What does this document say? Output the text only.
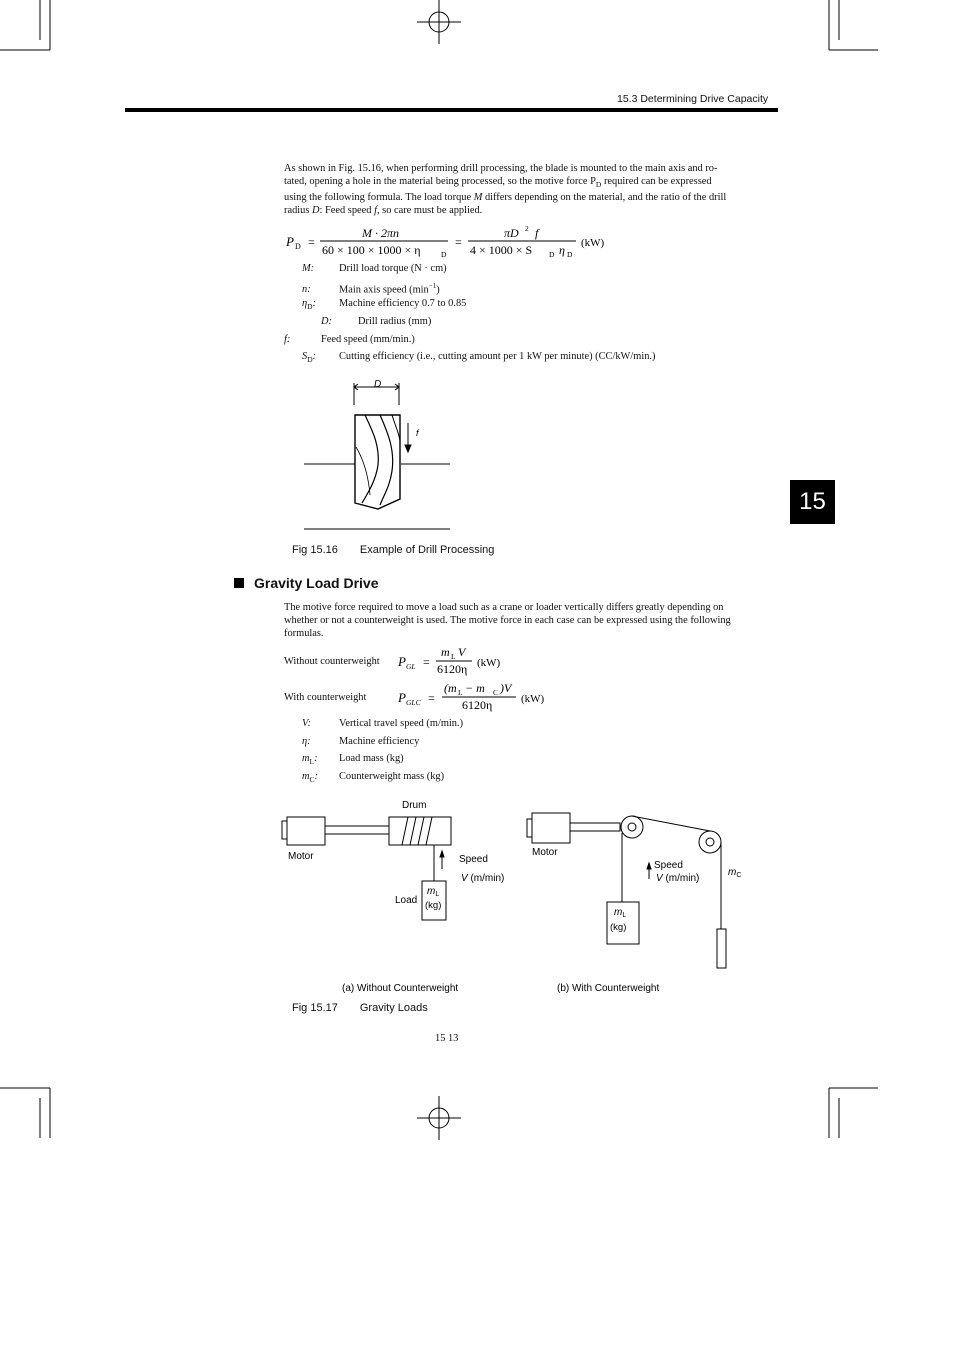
15.3 Determining Drive Capacity
15
As shown in Fig. 15.16, when performing drill processing, the blade is mounted to the main axis and ro-
tated, opening a hole in the material being processed, so the motive force $P_D$ required can be expressed
using the following formula. The load torque M differs depending on the material, and the ratio of the drill
radius D: Feed speed f, so care must be applied.
P D =
M · 2πn
60 × 100 × 1000 × η	D
=
πD 2 f
4 × 1000 × S D η D
(kW)
M: Drill load torque (N · cm)
n:	Main axis speed $(\min^{-1})$
$\eta_D$: Machine efficiency 0.7 to 0.85
D:	Drill radius (mm)
f:	Feed speed (mm/min.)
$S_D$: Cutting efficiency (i.e., cutting amount per 1 kW per minute) (CC/kW/min.)
D
f
Fig 15.16 Example of Drill Processing
Gravity Load Drive
The motive force required to move a load such as a crane or loader vertically differs greatly depending on
whether or not a counterweight is used. The motive force in each case can be expressed using the following
formulas.
Without counterweight P GL =
m L V
6120η (kW)
With counterweight P GLC =
(m L − m C )V
6120η	(kW)
V:	Vertical travel speed (m/min.)
η:	Machine efficiency
$m_L$: Load mass (kg)
$m_C$: Counterweight mass (kg)
Drum
Motor	Speed
V (m/min)
Load
$m_L$
(kg)
Motor
Speed
V (m/min)
$m_C$
$m_L$
(kg)
(a) Without Counterweight	(b) With Counterweight
Fig 15.17 Gravity Loads
15 13
